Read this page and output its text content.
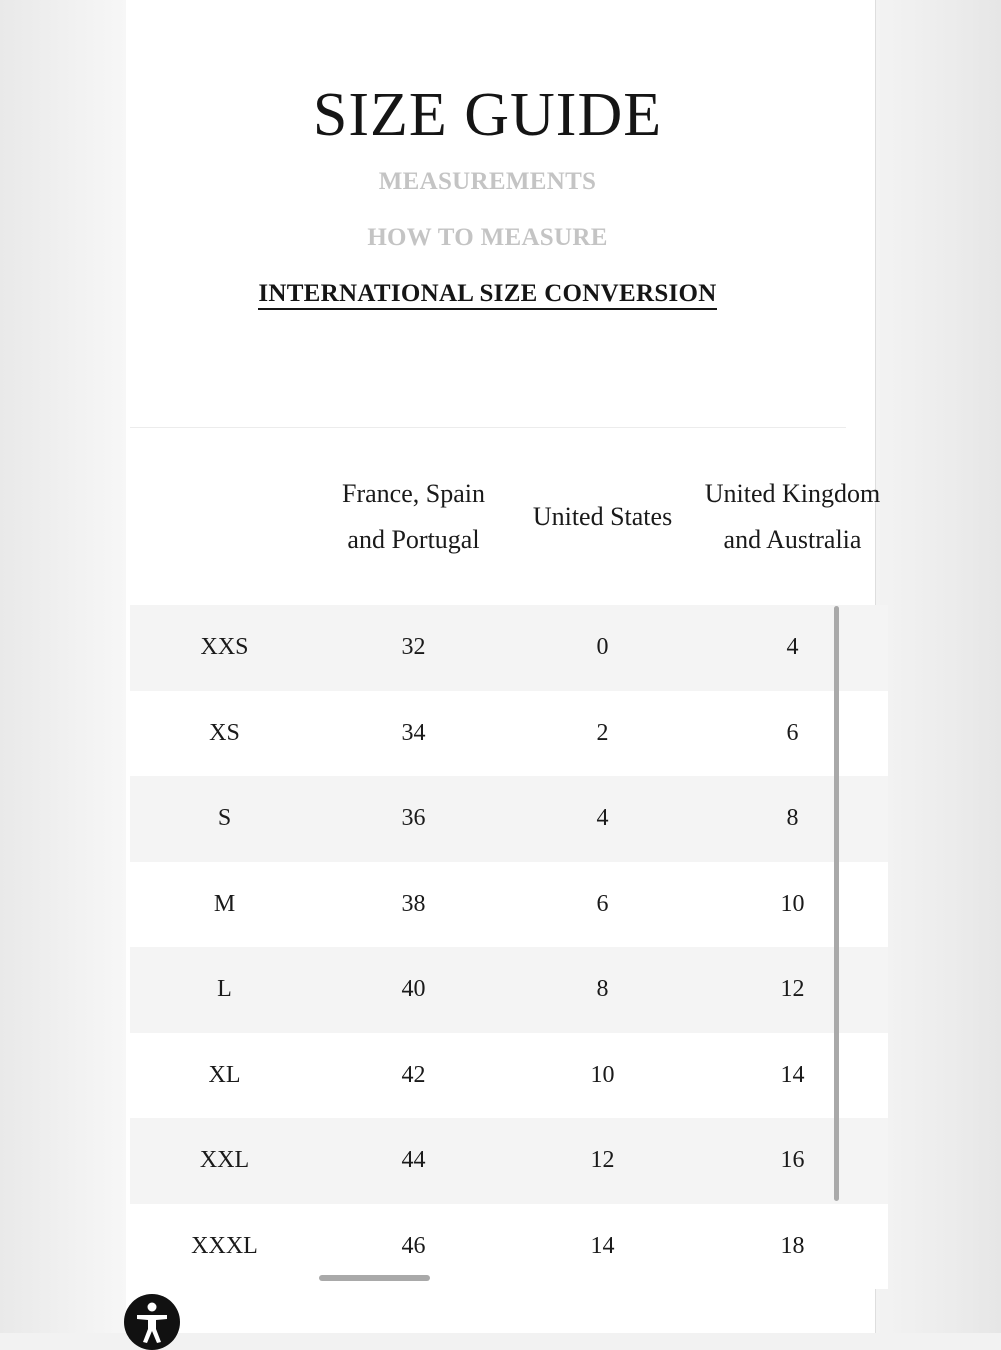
SIZE GUIDE
MEASUREMENTS
HOW TO MEASURE
INTERNATIONAL SIZE CONVERSION
	France, Spain and Portugal	United States	United Kingdom and Australia
XXS	32	0	4
XS	34	2	6
S	36	4	8
M	38	6	10
L	40	8	12
XL	42	10	14
XXL	44	12	16
XXXL	46	14	18
